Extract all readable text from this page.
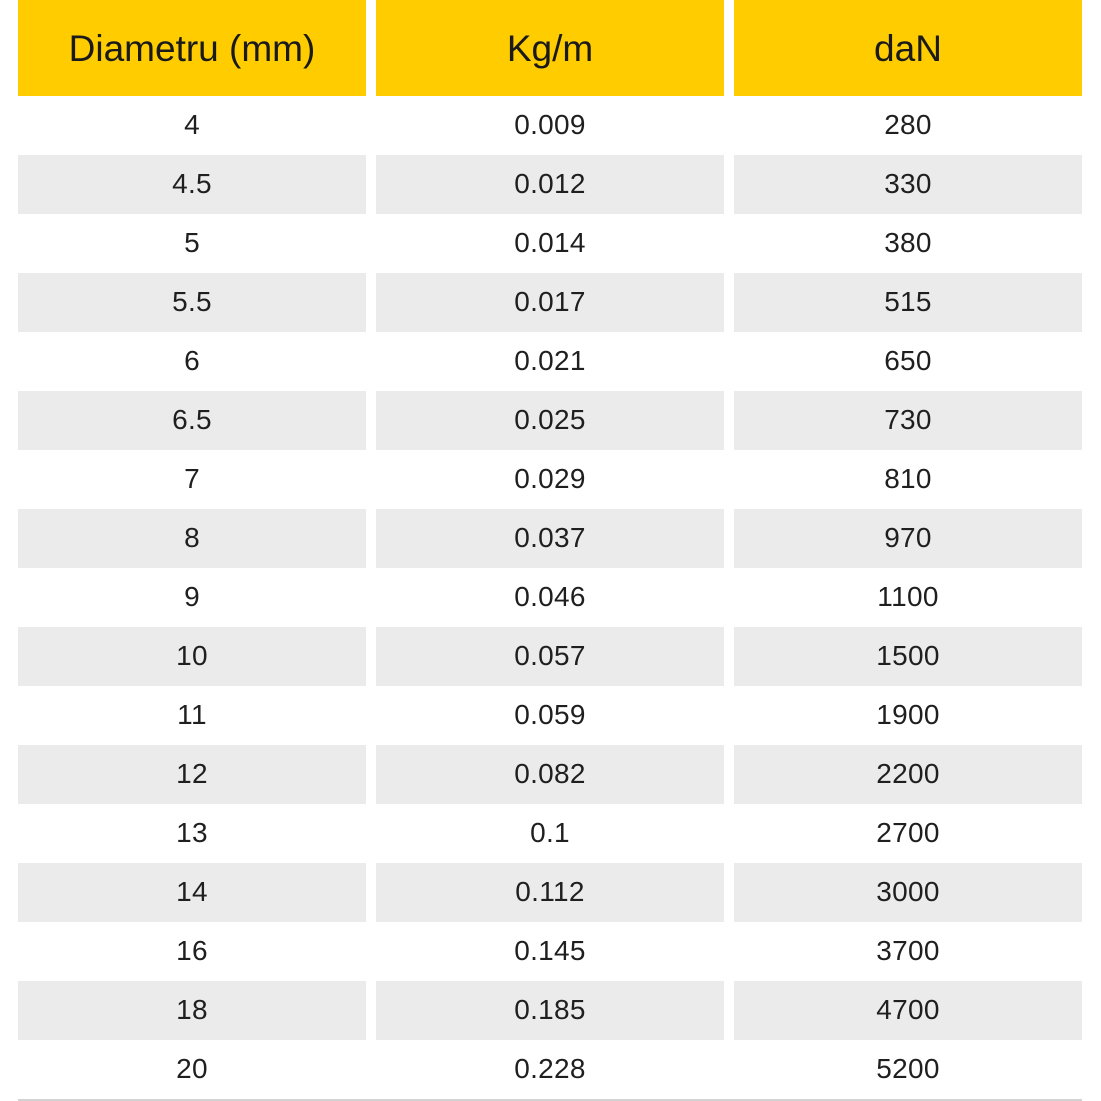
Diametru (mm)	Kg/m	daN
4	0.009	280
4.5	0.012	330
5	0.014	380
5.5	0.017	515
6	0.021	650
6.5	0.025	730
7	0.029	810
8	0.037	970
9	0.046	1100
10	0.057	1500
11	0.059	1900
12	0.082	2200
13	0.1	2700
14	0.112	3000
16	0.145	3700
18	0.185	4700
20	0.228	5200
